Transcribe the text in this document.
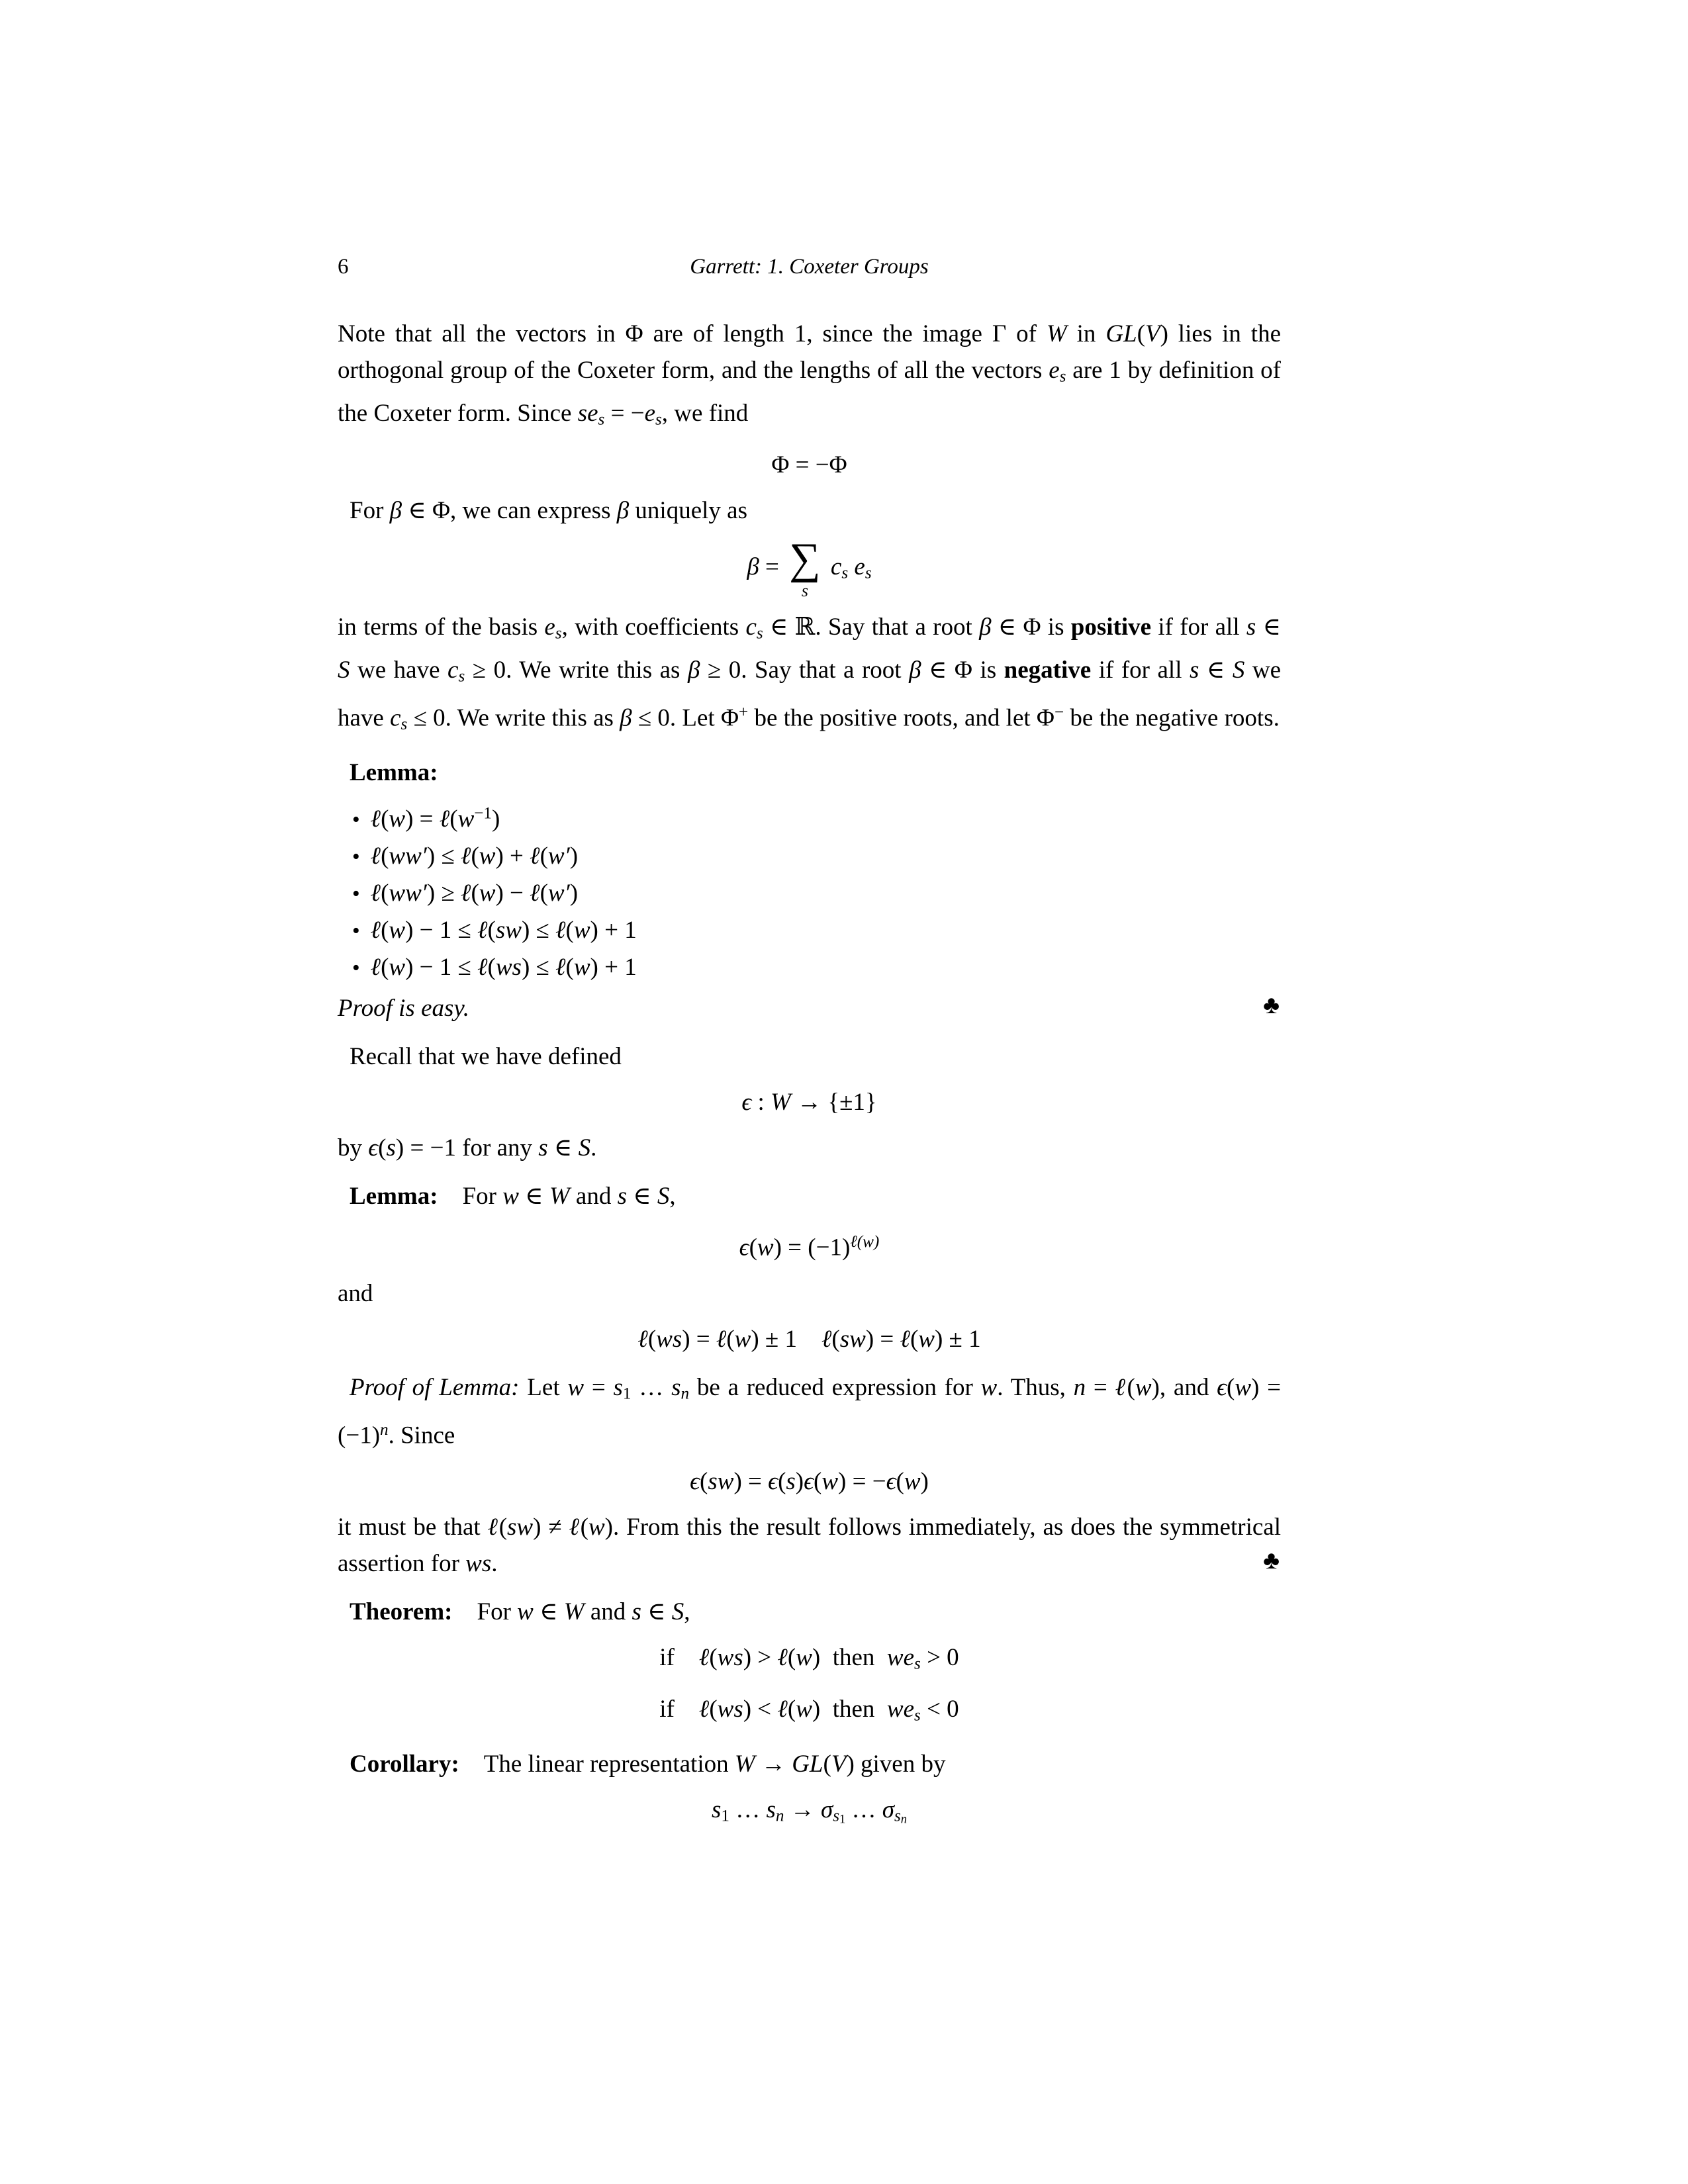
6	Garrett: 1. Coxeter Groups

Note that all the vectors in Φ are of length 1, since the image Γ of W in GL(V) lies in the orthogonal group of the Coxeter form, and the lengths of all the vectors es are 1 by definition of the Coxeter form. Since ses = −es, we find

Φ = −Φ

For β ∈ Φ, we can express β uniquely as

β = ∑
s
cs es

in terms of the basis es, with coefficients cs ∈ ℝ. Say that a root β ∈ Φ is positive if for all s ∈ S we have cs ≥ 0. We write this as β ≥ 0. Say that a root β ∈ Φ is negative if for all s ∈ S we have cs ≤ 0. We write this as β ≤ 0. Let Φ+ be the positive roots, and let Φ− be the negative roots.

Lemma:

• ℓ(w) = $\ell(w^{-1})$
• ℓ(ww′) ≤ ℓ(w) + ℓ(w′)
• ℓ(ww′) ≥ ℓ(w) − ℓ(w′)
• ℓ(w) − 1 ≤ ℓ(sw) ≤ ℓ(w) + 1
• ℓ(w) − 1 ≤ ℓ(ws) ≤ ℓ(w) + 1

Proof is easy.	♣

Recall that we have defined

ϵ : W → {±1}

by ϵ(s) = −1 for any s ∈ S.

Lemma: For w ∈ W and s ∈ S,

$\epsilon(w) = (-1)^{\ell(w)}$

and

ℓ(ws) = ℓ(w) ± 1    ℓ(sw) = ℓ(w) ± 1

Proof of Lemma: Let w = s1 … sn be a reduced expression for w. Thus, n = ℓ(w), and $\epsilon(w) = (-1)^n$. Since

ϵ(sw) = ϵ(s)ϵ(w) = −ϵ(w)

it must be that ℓ(sw) ≠ ℓ(w). From this the result follows immediately, as does the symmetrical assertion for ws.	♣

Theorem: For w ∈ W and s ∈ S,

if    ℓ(ws) > ℓ(w)  then  wes > 0

if    ℓ(ws) < ℓ(w)  then  wes < 0

Corollary: The linear representation W → GL(V) given by

s1 … sn → $\sigma s_1$ … $\sigma s_n$
